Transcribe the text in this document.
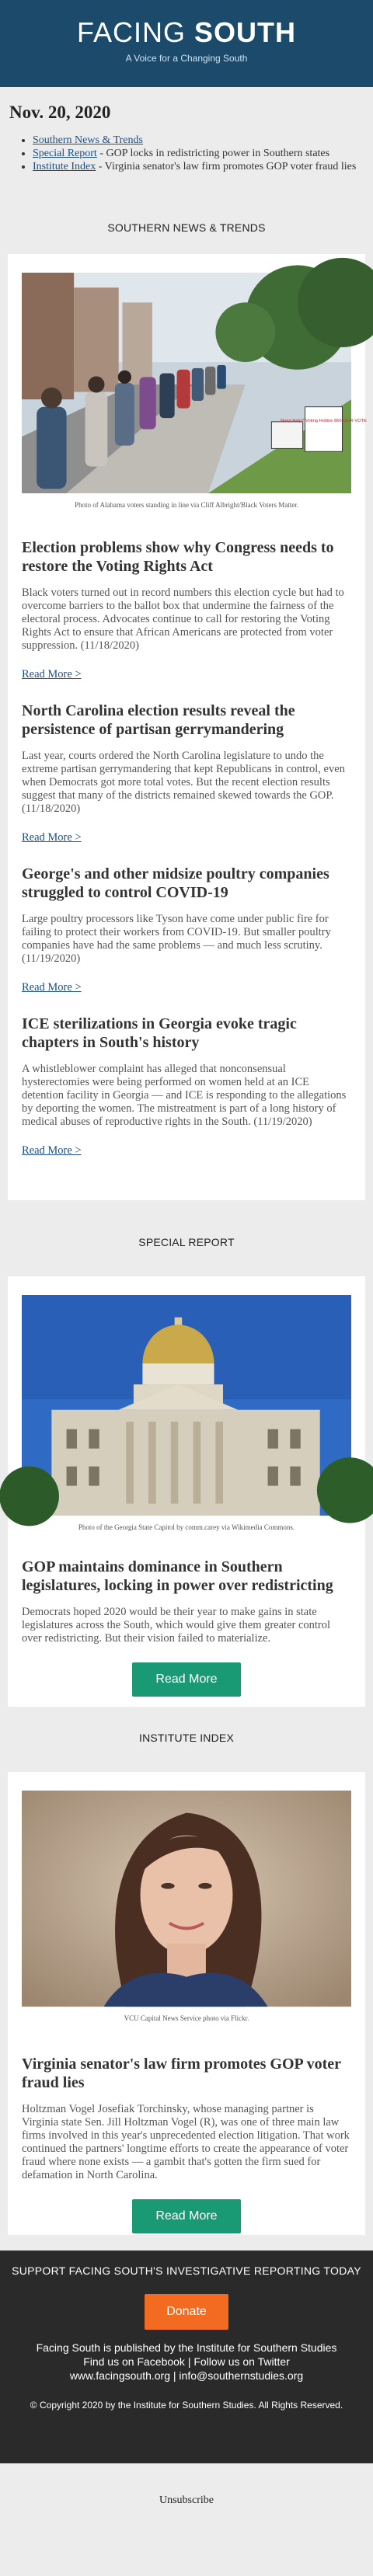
FACING SOUTH
A Voice for a Changing South
Nov. 20, 2020
• Southern News & Trends
• Special Report - GOP locks in redistricting power in Southern states
• Institute Index - Virginia senator's law firm promotes GOP voter fraud lies
SOUTHERN NEWS & TRENDS
Need Help? Voting Hotline 866-OUR-VOTE
Photo of Alabama voters standing in line via Cliff Albright/Black Voters Matter.
Election problems show why Congress needs to restore the Voting Rights Act
Black voters turned out in record numbers this election cycle but had to overcome barriers to the ballot box that undermine the fairness of the electoral process. Advocates continue to call for restoring the Voting Rights Act to ensure that African Americans are protected from voter suppression. (11/18/2020)
Read More >
North Carolina election results reveal the persistence of partisan gerrymandering
Last year, courts ordered the North Carolina legislature to undo the extreme partisan gerrymandering that kept Republicans in control, even when Democrats got more total votes. But the recent election results suggest that many of the districts remained skewed towards the GOP. (11/18/2020)
Read More >
George's and other midsize poultry companies struggled to control COVID-19
Large poultry processors like Tyson have come under public fire for failing to protect their workers from COVID-19. But smaller poultry companies have had the same problems — and much less scrutiny. (11/19/2020)
Read More >
ICE sterilizations in Georgia evoke tragic chapters in South's history
A whistleblower complaint has alleged that nonconsensual hysterectomies were being performed on women held at an ICE detention facility in Georgia — and ICE is responding to the allegations by deporting the women. The mistreatment is part of a long history of medical abuses of reproductive rights in the South. (11/19/2020)
Read More >
SPECIAL REPORT
Photo of the Georgia State Capitol by comm.carey via Wikimedia Commons.
GOP maintains dominance in Southern legislatures, locking in power over redistricting
Democrats hoped 2020 would be their year to make gains in state legislatures across the South, which would give them greater control over redistricting. But their vision failed to materialize.
Read More
INSTITUTE INDEX
VCU Capital News Service photo via Flickr.
Virginia senator's law firm promotes GOP voter fraud lies
Holtzman Vogel Josefiak Torchinsky, whose managing partner is Virginia state Sen. Jill Holtzman Vogel (R), was one of three main law firms involved in this year's unprecedented election litigation. That work continued the partners' longtime efforts to create the appearance of voter fraud where none exists — a gambit that's gotten the firm sued for defamation in North Carolina.
Read More
SUPPORT FACING SOUTH'S INVESTIGATIVE REPORTING TODAY
Donate
Facing South is published by the Institute for Southern Studies
Find us on Facebook | Follow us on Twitter
www.facingsouth.org | info@southernstudies.org
© Copyright 2020 by the Institute for Southern Studies. All Rights Reserved.
Unsubscribe
